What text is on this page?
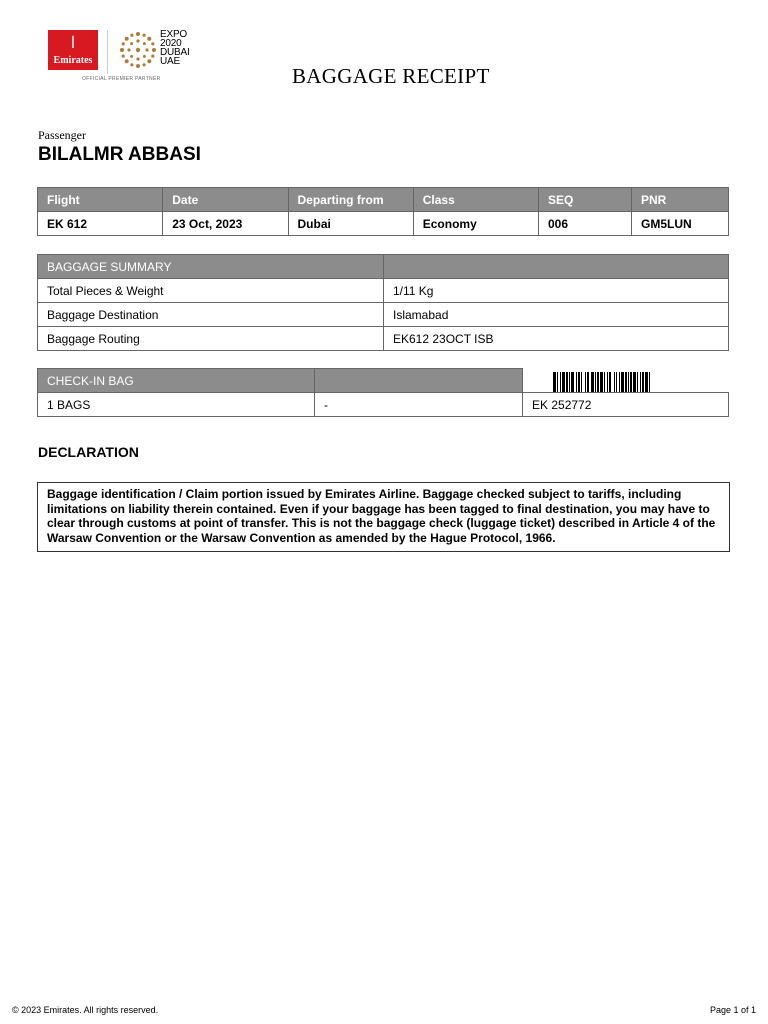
ﺍ
Emirates
EXPO
2020
DUBAI
UAE
OFFICIAL PREMIER PARTNER	BAGGAGE RECEIPT
Passenger
BILALMR ABBASI
Flight	Date	Departing from	Class	SEQ	PNR
EK 612	23 Oct, 2023	Dubai	Economy	006	GM5LUN
BAGGAGE SUMMARY	
Total Pieces & Weight	1/11 Kg
Baggage Destination	Islamabad
Baggage Routing	EK612 23OCT ISB
CHECK-IN BAG		

1 BAGS	-	EK 252772
DECLARATION
Baggage identification / Claim portion issued by Emirates Airline. Baggage checked subject to tariffs, including limitations on liability therein contained. Even if your baggage has been tagged to final destination, you may have to clear through customs at point of transfer. This is not the baggage check (luggage ticket) described in Article 4 of the Warsaw Convention or the Warsaw Convention as amended by the Hague Protocol, 1966.
© 2023 Emirates. All rights reserved.	Page 1 of 1
